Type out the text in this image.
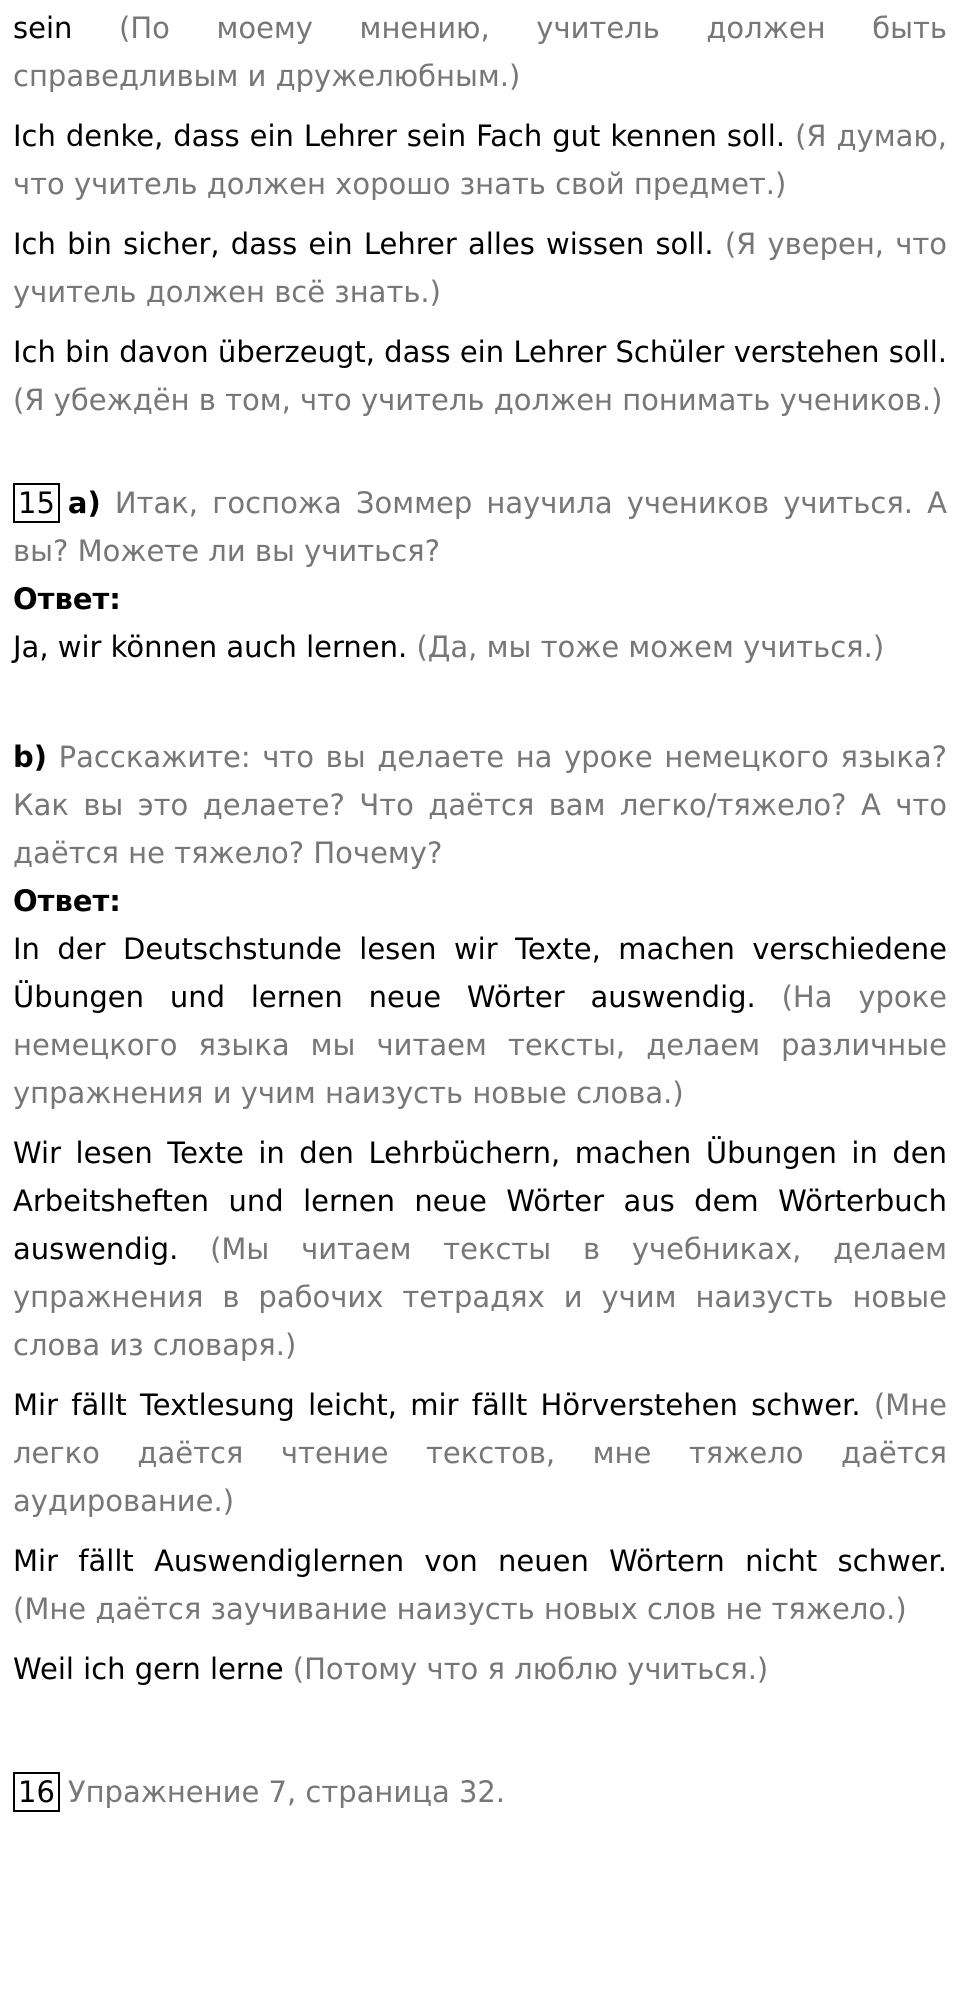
sein (По моему мнению, учитель должен быть справедливым и дружелюбным.)

Ich denke, dass ein Lehrer sein Fach gut kennen soll. (Я думаю, что учитель должен хорошо знать свой предмет.)

Ich bin sicher, dass ein Lehrer alles wissen soll. (Я уверен, что учитель должен всё знать.)

Ich bin davon überzeugt, dass ein Lehrer Schüler verstehen soll. (Я убеждён в том, что учитель должен понимать учеников.)

15 a) Итак, госпожа Зоммер научила учеников учиться. А вы? Можете ли вы учиться?

Ответ:

Ja, wir können auch lernen. (Да, мы тоже можем учиться.)

b) Расскажите: что вы делаете на уроке немецкого языка? Как вы это делаете? Что даётся вам легко/тяжело? А что даётся не тяжело? Почему?

Ответ:

In der Deutschstunde lesen wir Texte, machen verschiedene Übungen und lernen neue Wörter auswendig. (На уроке немецкого языка мы читаем тексты, делаем различные упражнения и учим наизусть новые слова.)

Wir lesen Texte in den Lehrbüchern, machen Übungen in den Arbeitsheften und lernen neue Wörter aus dem Wörterbuch auswendig. (Мы читаем тексты в учебниках, делаем упражнения в рабочих тетрадях и учим наизусть новые слова из словаря.)

Mir fällt Textlesung leicht, mir fällt Hörverstehen schwer. (Мне легко даётся чтение текстов, мне тяжело даётся аудирование.)

Mir fällt Auswendiglernen von neuen Wörtern nicht schwer. (Мне даётся заучивание наизусть новых слов не тяжело.)

Weil ich gern lerne (Потому что я люблю учиться.)

16 Упражнение 7, страница 32.
